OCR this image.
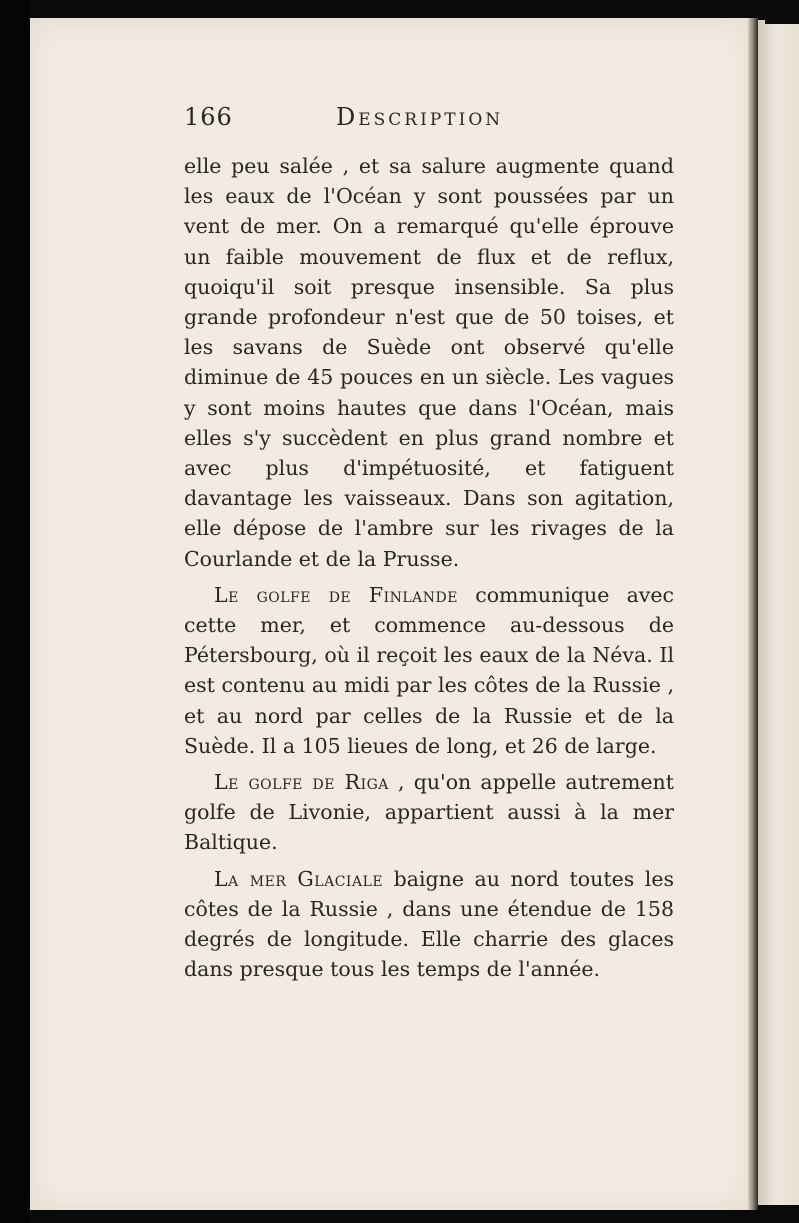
166	Description

elle peu salée , et sa salure augmente quand les eaux de l'Océan y sont poussées par un vent de mer. On a remarqué qu'elle éprouve un faible mouvement de flux et de reflux, quoiqu'il soit presque insensible. Sa plus grande profondeur n'est que de 50 toises, et les savans de Suède ont observé qu'elle diminue de 45 pouces en un siècle. Les vagues y sont moins hautes que dans l'Océan, mais elles s'y succèdent en plus grand nombre et avec plus d'impétuosité, et fatiguent davantage les vaisseaux. Dans son agitation, elle dépose de l'ambre sur les rivages de la Courlande et de la Prusse.

Le golfe de Finlande communique avec cette mer, et commence au-dessous de Pétersbourg, où il reçoit les eaux de la Néva. Il est contenu au midi par les côtes de la Russie , et au nord par celles de la Russie et de la Suède. Il a 105 lieues de long, et 26 de large.

Le golfe de Riga , qu'on appelle autrement golfe de Livonie, appartient aussi à la mer Baltique.

La mer Glaciale baigne au nord toutes les côtes de la Russie , dans une étendue de 158 degrés de longitude. Elle charrie des glaces dans presque tous les temps de l'année.
